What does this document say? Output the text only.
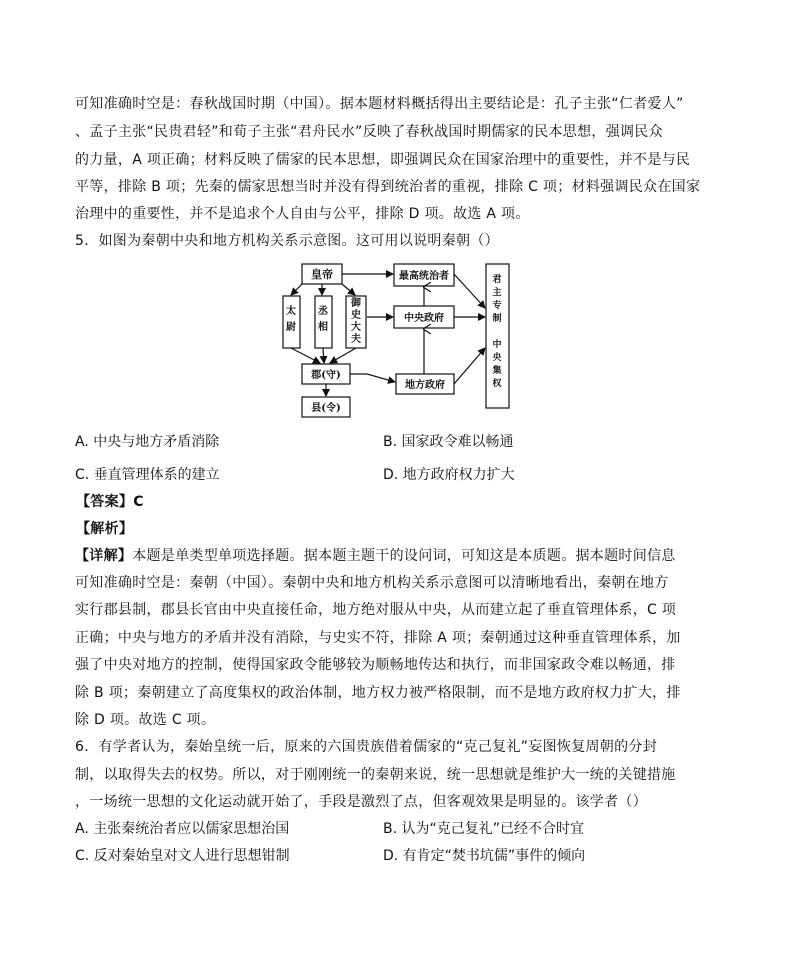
可知准确时空是：春秋战国时期（中国）。据本题材料概括得出主要结论是：孔子主张“仁者爱人”
、孟子主张“民贵君轻”和荀子主张“君舟民水”反映了春秋战国时期儒家的民本思想，强调民众
的力量，A 项正确；材料反映了儒家的民本思想，即强调民众在国家治理中的重要性，并不是与民
平等，排除 B 项；先秦的儒家思想当时并没有得到统治者的重视，排除 C 项；材料强调民众在国家
治理中的重要性，并不是追求个人自由与公平，排除 D 项。故选 A 项。
5．如图为秦朝中央和地方机构关系示意图。这可用以说明秦朝（）
皇帝
太尉
丞相
御史大夫
郡(守)
县(令)
最高统治者
中央政府
地方政府
君主专制中央集权
A. 中央与地方矛盾消除	B. 国家政令难以畅通
C. 垂直管理体系的建立	D. 地方政府权力扩大
【答案】C
【解析】
【详解】本题是单类型单项选择题。据本题主题干的设问词，可知这是本质题。据本题时间信息
可知准确时空是：秦朝（中国）。秦朝中央和地方机构关系示意图可以清晰地看出，秦朝在地方
实行郡县制，郡县长官由中央直接任命，地方绝对服从中央，从而建立起了垂直管理体系，C 项
正确；中央与地方的矛盾并没有消除，与史实不符，排除 A 项；秦朝通过这种垂直管理体系，加
强了中央对地方的控制，使得国家政令能够较为顺畅地传达和执行，而非国家政令难以畅通，排
除 B 项；秦朝建立了高度集权的政治体制，地方权力被严格限制，而不是地方政府权力扩大，排
除 D 项。故选 C 项。
6．有学者认为，秦始皇统一后，原来的六国贵族借着儒家的“克己复礼”妄图恢复周朝的分封
制，以取得失去的权势。所以，对于刚刚统一的秦朝来说，统一思想就是维护大一统的关键措施
，一场统一思想的文化运动就开始了，手段是激烈了点，但客观效果是明显的。该学者（）
A. 主张秦统治者应以儒家思想治国	B. 认为“克己复礼”已经不合时宜
C. 反对秦始皇对文人进行思想钳制	D. 有肯定“焚书坑儒”事件的倾向
